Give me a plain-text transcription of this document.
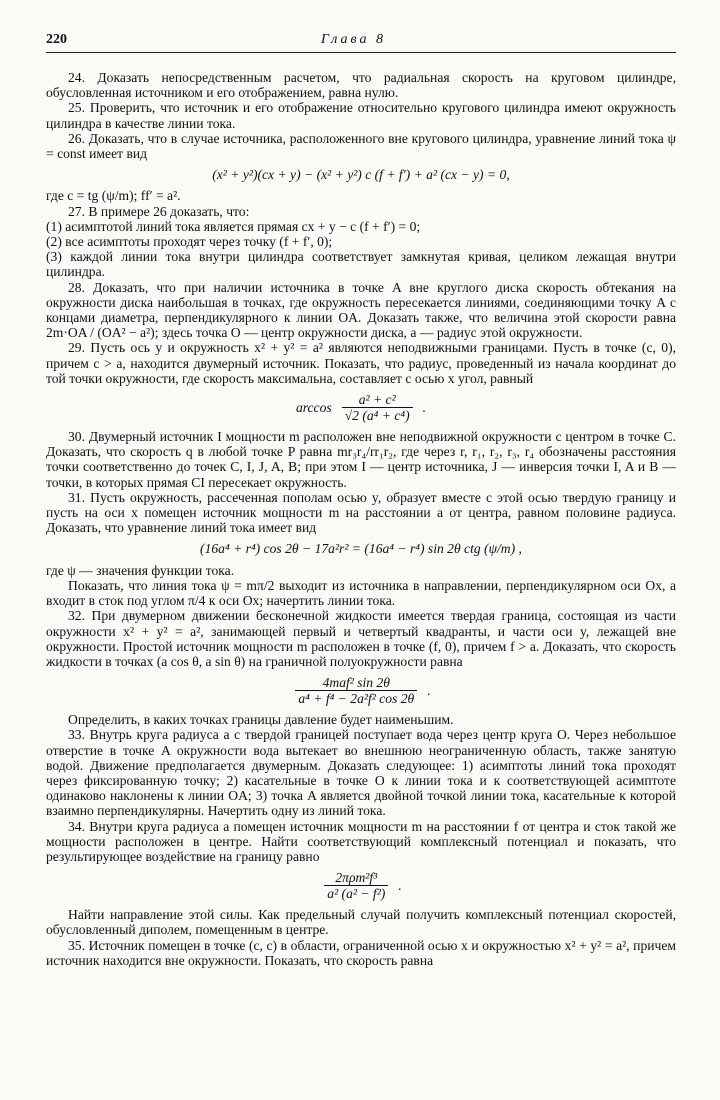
220	Глава 8

24. Доказать непосредственным расчетом, что радиальная скорость на круговом цилиндре, обусловленная источником и его отображением, равна нулю.

25. Проверить, что источник и его отображение относительно кругового цилиндра имеют окружность цилиндра в качестве линии тока.

26. Доказать, что в случае источника, расположенного вне кругового цилиндра, уравнение линий тока ψ = const имеет вид

(x² + y²)(cx + y) − (x² + y²) c (f + f′) + a² (cx − y) = 0,

где c = tg (ψ/m); ff′ = a².

27. В примере 26 доказать, что:

(1) асимптотой линий тока является прямая cx + y − c (f + f′) = 0;

(2) все асимптоты проходят через точку (f + f′, 0);

(3) каждой линии тока внутри цилиндра соответствует замкнутая кривая, целиком лежащая внутри цилиндра.

28. Доказать, что при наличии источника в точке A вне круглого диска скорость обтекания на окружности диска наибольшая в точках, где окружность пересекается линиями, соединяющими точку A с концами диаметра, перпендикулярного к линии OA. Доказать также, что величина этой скорости равна 2m·OA / (OA² − a²); здесь точка O — центр окружности диска, a — радиус этой окружности.

29. Пусть ось y и окружность x² + y² = a² являются неподвижными границами. Пусть в точке (c, 0), причем c > a, находится двумерный источник. Показать, что радиус, проведенный из начала координат до той точки окружности, где скорость максимальна, составляет с осью x угол, равный

$\arccos \frac{\text{a² + c²}}{\text{√2 (a⁴ + c⁴)}}$ .

30. Двумерный источник I мощности m расположен вне неподвижной окружности с центром в точке C. Доказать, что скорость q в любой точке P равна mr₃r₄/rr₁r₂, где через r, r₁, r₂, r₃, r₄ обозначены расстояния точки соответственно до точек C, I, J, A, B; при этом I — центр источника, J — инверсия точки I, A и B — точки, в которых прямая CI пересекает окружность.

31. Пусть окружность, рассеченная пополам осью y, образует вместе с этой осью твердую границу и пусть на оси x помещен источник мощности m на расстоянии a от центра, равном половине радиуса. Доказать, что уравнение линий тока имеет вид

(16a⁴ + r⁴) cos 2θ − 17a²r² = (16a⁴ − r⁴) sin 2θ ctg (ψ/m) ,

где ψ — значения функции тока.

Показать, что линия тока ψ = mπ/2 выходит из источника в направлении, перпендикулярном оси Ox, а входит в сток под углом π/4 к оси Ox; начертить линии тока.

32. При двумерном движении бесконечной жидкости имеется твердая граница, состоящая из части окружности x² + y² = a², занимающей первый и четвертый квадранты, и части оси y, лежащей вне окружности. Простой источник мощности m расположен в точке (f, 0), причем f > a. Доказать, что скорость жидкости в точках (a cos θ, a sin θ) на граничной полуокружности равна

$\frac{\text{4maf² sin 2θ}}{\text{a⁴ + f⁴ − 2a²f² cos 2θ}}$ .

Определить, в каких точках границы давление будет наименьшим.

33. Внутрь круга радиуса a с твердой границей поступает вода через центр круга O. Через небольшое отверстие в точке A окружности вода вытекает во внешнюю неограниченную область, также занятую водой. Движение предполагается двумерным. Доказать следующее: 1) асимптоты линий тока проходят через фиксированную точку; 2) касательные в точке O к линии тока и к соответствующей асимптоте одинаково наклонены к линии OA; 3) точка A является двойной точкой линии тока, касательные к которой взаимно перпендикулярны. Начертить одну из линий тока.

34. Внутри круга радиуса a помещен источник мощности m на расстоянии f от центра и сток такой же мощности расположен в центре. Найти соответствующий комплексный потенциал и показать, что результирующее воздействие на границу равно

$\frac{\text{2πρm²f³}}{\text{a² (a² − f²)}}$ .

Найти направление этой силы. Как предельный случай получить комплексный потенциал скоростей, обусловленный диполем, помещенным в центре.

35. Источник помещен в точке (c, c) в области, ограниченной осью x и окружностью x² + y² = a², причем источник находится вне окружности. Показать, что скорость равна
